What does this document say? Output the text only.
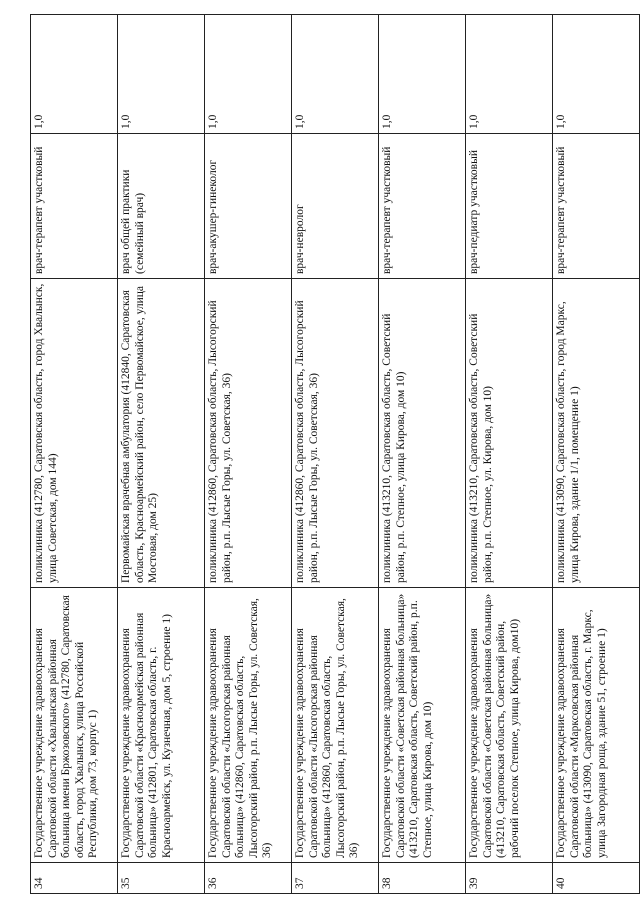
34	Государственное учреждение здравоохранения Саратовской области «Хвалынская районная больница имени Бржозовского» (412780, Саратовская область, город Хвалынск, улица Российской Республики, дом 73, корпус 1)	поликлиника (412780, Саратовская область, город Хвалынск, улица Советская, дом 144)	врач-терапевт участковый	1,0
35	Государственное учреждение здравоохранения Саратовской области «Красноармейская районная больница» (412801, Саратовская область, г. Красноармейск, ул. Кузнечная, дом 5, строение 1)	Первомайская врачебная амбулатория (412840, Саратовская область, Красноармейский район, село Первомайское, улица Мостовая, дом 25)	врач общей практики (семейный врач)	1,0
36	Государственное учреждение здравоохранения Саратовской области «Лысогорская районная больница» (412860, Саратовская область, Лысогорский район, р.п. Лысые Горы, ул. Советская, 36)	поликлиника (412860, Саратовская область, Лысогорский район, р.п. Лысые Горы, ул. Советская, 36)	врач-акушер-гинеколог	1,0
37	Государственное учреждение здравоохранения Саратовской области «Лысогорская районная больница» (412860, Саратовская область, Лысогорский район, р.п. Лысые Горы, ул. Советская, 36)	поликлиника (412860, Саратовская область, Лысогорский район, р.п. Лысые Горы, ул. Советская, 36)	врач-невролог	1,0
38	Государственное учреждение здравоохранения Саратовской области «Советская районная больница» (413210, Саратовская область, Советский район, р.п. Степное, улица Кирова, дом 10)	поликлиника (413210, Саратовская область, Советский район, р.п. Степное, улица Кирова, дом 10)	врач-терапевт участковый	1,0
39	Государственное учреждение здравоохранения Саратовской области «Советская районная больница» (413210, Саратовская область, Советский район, рабочий поселок Степное, улица Кирова, дом10)	поликлиника (413210, Саратовская область, Советский район, р.п. Степное, ул. Кирова, дом 10)	врач-педиатр участковый	1,0
40	Государственное учреждение здравоохранения Саратовской области «Марксовская районная больница» (413090, Саратовская область, г. Маркс, улица Загородная роща, здание 51, строение 1)	поликлиника (413090, Саратовская область, город Маркс, улица Кирова, здание 1/1, помещение 1)	врач-терапевт участковый	1,0
